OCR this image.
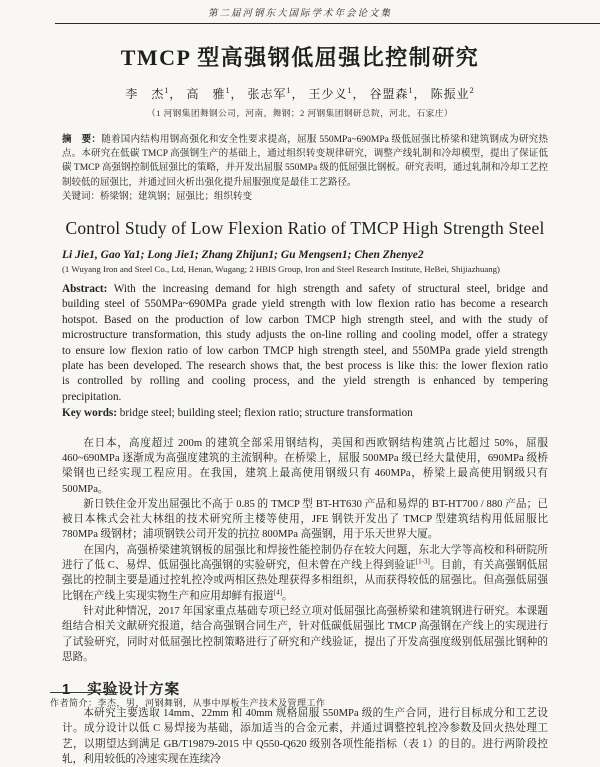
第二届河钢东大国际学术年会论文集
TMCP 型高强钢低屈强比控制研究
李　杰$^1$， 高　雅$^1$， 张志军$^1$， 王少义$^1$， 谷盟森$^1$， 陈振业$^2$
（1 河钢集团舞钢公司，河南，舞钢；2 河钢集团钢研总院，河北，石家庄）

摘　要：随着国内结构用钢高强化和安全性要求提高，屈服 550MPa~690MPa 级低屈强比桥梁和建筑钢成为研究热点。本研究在低碳 TMCP 高强钢生产的基础上，通过组织转变规律研究，调整产线轧制和冷却模型，提出了保证低碳 TMCP 高强钢控制低屈强比的策略，并开发出屈服 550MPa 级的低屈强比钢板。研究表明，通过轧制和冷却工艺控制较低的屈强比，并通过回火析出强化提升屈服强度是最佳工艺路径。

关键词：桥梁钢；建筑钢；屈强比；组织转变

Control Study of Low Flexion Ratio of TMCP High Strength Steel
Li Jie1, Gao Ya1; Long Jie1; Zhang Zhijun1; Gu Mengsen1; Chen Zhenye2
(1 Wuyang Iron and Steel Co., Ltd, Henan, Wugang; 2 HBIS Group, Iron and Steel Research Institute, HeBei, Shijiazhuang)

Abstract: With the increasing demand for high strength and safety of structural steel, bridge and building steel of 550MPa~690MPa grade yield strength with low flexion ratio has become a research hotspot. Based on the production of low carbon TMCP high strength steel, and with the study of microstructure transformation, this study adjusts the on-line rolling and cooling model, offer a strategy to ensure low flexion ratio of low carbon TMCP high strength steel, and 550MPa grade yield strength plate has been developed. The research shows that, the best process is like this: the lower flexion ratio is controlled by rolling and cooling process, and the yield strength is enhanced by tempering precipitation.

Key words: bridge steel; building steel; flexion ratio; structure transformation

在日本，高度超过 200m 的建筑全部采用钢结构，美国和西欧钢结构建筑占比超过 50%，屈服 460~690MPa 逐渐成为高强度建筑的主流钢种。在桥梁上，屈服 500MPa 级已经大量使用，690MPa 级桥梁钢也已经实现工程应用。在我国，建筑上最高使用钢级只有 460MPa，桥梁上最高使用钢级只有 500MPa。

新日铁住金开发出屈强比不高于 0.85 的 TMCP 型 BT-HT630 产品和易焊的 BT-HT700 / 880 产品；已被日本株式会社大林组的技术研究所主楼等使用，JFE 钢铁开发出了 TMCP 型建筑结构用低屈服比 780MPa 级钢材；浦项钢铁公司开发的抗拉 800MPa 高强钢，用于乐天世界大厦。

在国内，高强桥梁建筑钢板的屈强比和焊接性能控制仍存在较大问题，东北大学等高校和科研院所进行了低 C、易焊、低屈强比高强钢的实验研究，但未曾在产线上得到验证[1-3]。目前，有关高强钢低屈强比的控制主要是通过控轧控冷或两相区热处理获得多相组织，从而获得较低的屈强比。但高强低屈强比钢在产线上实现实物生产和应用却鲜有报道[4]。

针对此种情况，2017 年国家重点基础专项已经立项对低屈强比高强桥梁和建筑钢进行研究。本课题组结合相关文献研究报道，结合高强钢合同生产，针对低碳低屈强比 TMCP 高强钢在产线上的实现进行了试验研究，同时对低屈强比控制策略进行了研究和产线验证，提出了开发高强度级别低屈强比钢种的思路。

1 实验设计方案

本研究主要选取 14mm、22mm 和 40mm 规格屈服 550MPa 级的生产合同，进行目标成分和工艺设计。成分设计以低 C 易焊接为基础，添加适当的合金元素，并通过调整控轧控冷参数及回火热处理工艺，以期望达到满足 GB/T19879-2015 中 Q550-Q620 级别各项性能指标（表 1）的目的。进行两阶段控轧，利用较低的冷速实现在连续冷

作者简介：李杰，男，河钢舞钢，从事中厚板生产技术及管理工作
